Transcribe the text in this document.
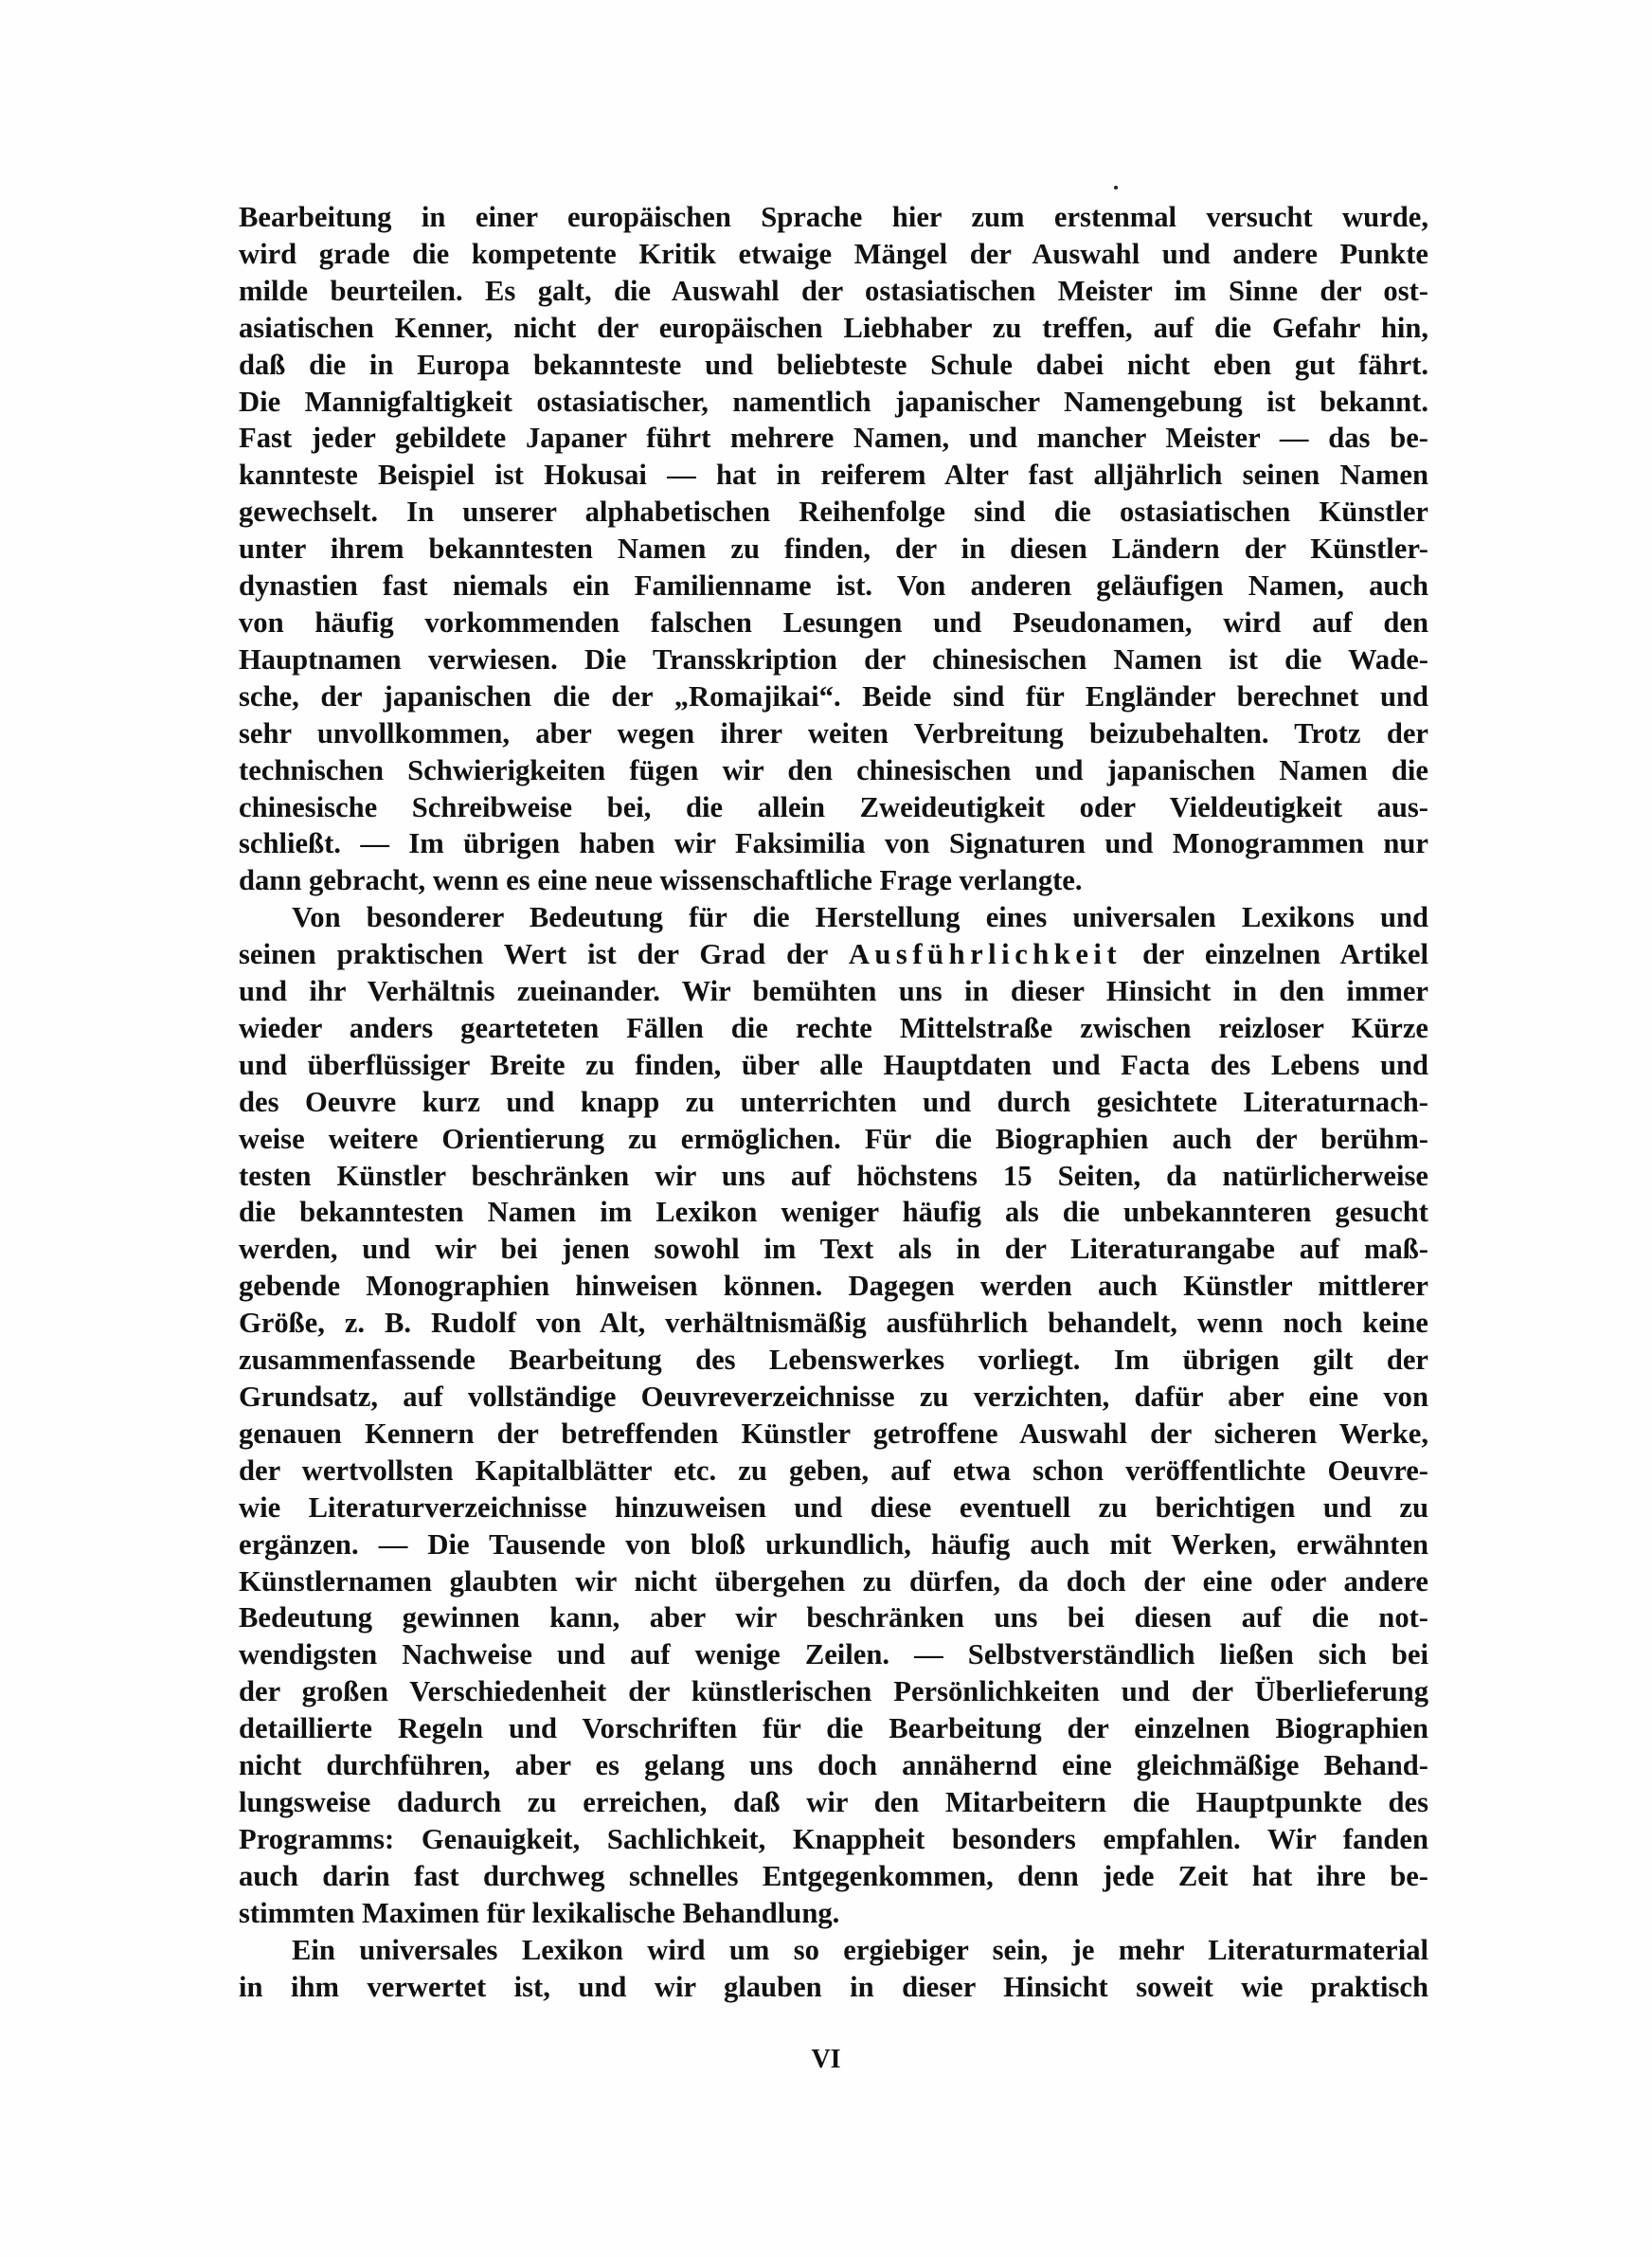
Bearbeitung in einer europäischen Sprache hier zum erstenmal versucht wurde,
wird grade die kompetente Kritik etwaige Mängel der Auswahl und andere Punkte
milde beurteilen. Es galt, die Auswahl der ostasiatischen Meister im Sinne der ost-
asiatischen Kenner, nicht der europäischen Liebhaber zu treffen, auf die Gefahr hin,
daß die in Europa bekannteste und beliebteste Schule dabei nicht eben gut fährt.
Die Mannigfaltigkeit ostasiatischer, namentlich japanischer Namengebung ist bekannt.
Fast jeder gebildete Japaner führt mehrere Namen, und mancher Meister — das be-
kannteste Beispiel ist Hokusai — hat in reiferem Alter fast alljährlich seinen Namen
gewechselt. In unserer alphabetischen Reihenfolge sind die ostasiatischen Künstler
unter ihrem bekanntesten Namen zu finden, der in diesen Ländern der Künstler-
dynastien fast niemals ein Familienname ist. Von anderen geläufigen Namen, auch
von häufig vorkommenden falschen Lesungen und Pseudonamen, wird auf den
Hauptnamen verwiesen. Die Transskription der chinesischen Namen ist die Wade-
sche, der japanischen die der „Romajikai“. Beide sind für Engländer berechnet und
sehr unvollkommen, aber wegen ihrer weiten Verbreitung beizubehalten. Trotz der
technischen Schwierigkeiten fügen wir den chinesischen und japanischen Namen die
chinesische Schreibweise bei, die allein Zweideutigkeit oder Vieldeutigkeit aus-
schließt. — Im übrigen haben wir Faksimilia von Signaturen und Monogrammen nur
dann gebracht, wenn es eine neue wissenschaftliche Frage verlangte.

Von besonderer Bedeutung für die Herstellung eines universalen Lexikons und
seinen praktischen Wert ist der Grad der Ausführlichkeit der einzelnen Artikel
und ihr Verhältnis zueinander. Wir bemühten uns in dieser Hinsicht in den immer
wieder anders gearteteten Fällen die rechte Mittelstraße zwischen reizloser Kürze
und überflüssiger Breite zu finden, über alle Hauptdaten und Facta des Lebens und
des Oeuvre kurz und knapp zu unterrichten und durch gesichtete Literaturnach-
weise weitere Orientierung zu ermöglichen. Für die Biographien auch der berühm-
testen Künstler beschränken wir uns auf höchstens 15 Seiten, da natürlicherweise
die bekanntesten Namen im Lexikon weniger häufig als die unbekannteren gesucht
werden, und wir bei jenen sowohl im Text als in der Literaturangabe auf maß-
gebende Monographien hinweisen können. Dagegen werden auch Künstler mittlerer
Größe, z. B. Rudolf von Alt, verhältnismäßig ausführlich behandelt, wenn noch keine
zusammenfassende Bearbeitung des Lebenswerkes vorliegt. Im übrigen gilt der
Grundsatz, auf vollständige Oeuvreverzeichnisse zu verzichten, dafür aber eine von
genauen Kennern der betreffenden Künstler getroffene Auswahl der sicheren Werke,
der wertvollsten Kapitalblätter etc. zu geben, auf etwa schon veröffentlichte Oeuvre-
wie Literaturverzeichnisse hinzuweisen und diese eventuell zu berichtigen und zu
ergänzen. — Die Tausende von bloß urkundlich, häufig auch mit Werken, erwähnten
Künstlernamen glaubten wir nicht übergehen zu dürfen, da doch der eine oder andere
Bedeutung gewinnen kann, aber wir beschränken uns bei diesen auf die not-
wendigsten Nachweise und auf wenige Zeilen. — Selbstverständlich ließen sich bei
der großen Verschiedenheit der künstlerischen Persönlichkeiten und der Überlieferung
detaillierte Regeln und Vorschriften für die Bearbeitung der einzelnen Biographien
nicht durchführen, aber es gelang uns doch annähernd eine gleichmäßige Behand-
lungsweise dadurch zu erreichen, daß wir den Mitarbeitern die Hauptpunkte des
Programms: Genauigkeit, Sachlichkeit, Knappheit besonders empfahlen. Wir fanden
auch darin fast durchweg schnelles Entgegenkommen, denn jede Zeit hat ihre be-
stimmten Maximen für lexikalische Behandlung.

Ein universales Lexikon wird um so ergiebiger sein, je mehr Literaturmaterial
in ihm verwertet ist, und wir glauben in dieser Hinsicht soweit wie praktisch

VI
